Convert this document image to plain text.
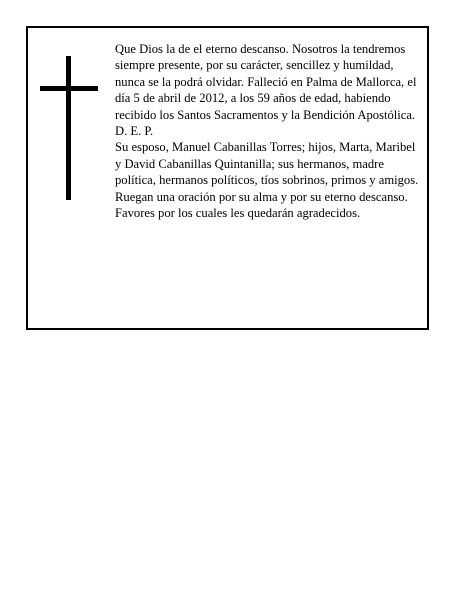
Que Dios la de el eterno descanso. Nosotros la tendremos siempre presente, por su carácter, sencillez y humildad, nunca se la podrá olvidar. Falleció en Palma de Mallorca, el día 5 de abril de 2012, a los 59 años de edad, habiendo recibido los Santos Sacramentos y la Bendición Apostólica.

D. E. P.

Su esposo, Manuel Cabanillas Torres; hijos, Marta, Maribel y David Cabanillas Quintanilla; sus hermanos, madre política, hermanos políticos, tíos sobrinos, primos y amigos.

Ruegan una oración por su alma y por su eterno descanso. Favores por los cuales les quedarán agradecidos.
